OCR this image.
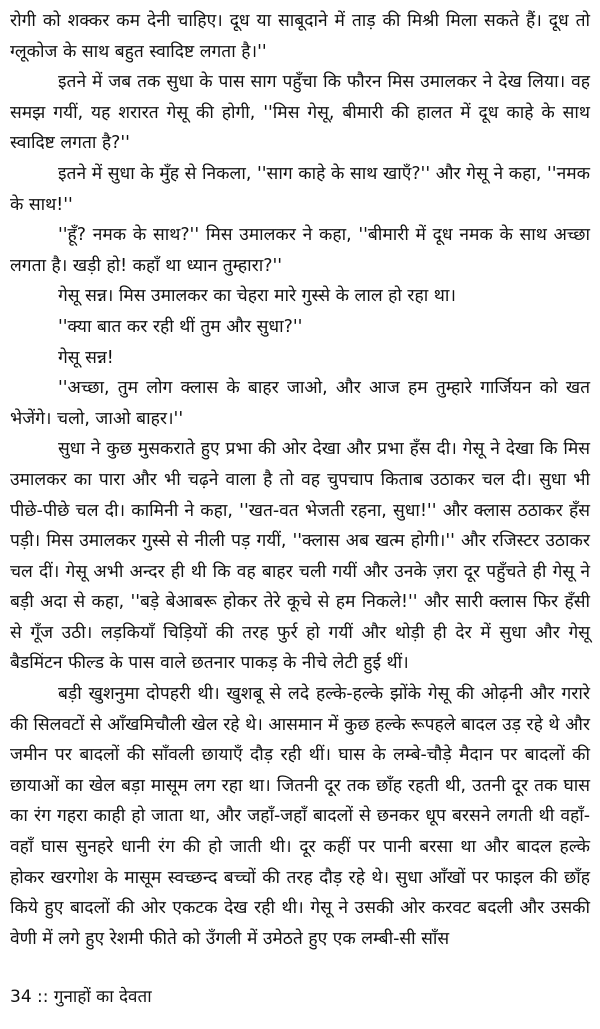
रोगी को शक्कर कम देनी चाहिए। दूध या साबूदाने में ताड़ की मिश्री मिला सकते हैं। दूध तो ग्लूकोज के साथ बहुत स्वादिष्ट लगता है।''

इतने में जब तक सुधा के पास साग पहुँचा कि फौरन मिस उमालकर ने देख लिया। वह समझ गयीं, यह शरारत गेसू की होगी, ''मिस गेसू, बीमारी की हालत में दूध काहे के साथ स्वादिष्ट लगता है?''

इतने में सुधा के मुँह से निकला, ''साग काहे के साथ खाएँ?'' और गेसू ने कहा, ''नमक के साथ!''

''हूँ? नमक के साथ?'' मिस उमालकर ने कहा, ''बीमारी में दूध नमक के साथ अच्छा लगता है। खड़ी हो! कहाँ था ध्यान तुम्हारा?''

गेसू सन्न। मिस उमालकर का चेहरा मारे गुस्से के लाल हो रहा था।

''क्या बात कर रही थीं तुम और सुधा?''

गेसू सन्न!

''अच्छा, तुम लोग क्लास के बाहर जाओ, और आज हम तुम्हारे गार्जियन को खत भेजेंगे। चलो, जाओ बाहर।''

सुधा ने कुछ मुसकराते हुए प्रभा की ओर देखा और प्रभा हँस दी। गेसू ने देखा कि मिस उमालकर का पारा और भी चढ़ने वाला है तो वह चुपचाप किताब उठाकर चल दी। सुधा भी पीछे-पीछे चल दी। कामिनी ने कहा, ''खत-वत भेजती रहना, सुधा!'' और क्लास ठठाकर हँस पड़ी। मिस उमालकर गुस्से से नीली पड़ गयीं, ''क्लास अब खत्म होगी।'' और रजिस्टर उठाकर चल दीं। गेसू अभी अन्दर ही थी कि वह बाहर चली गयीं और उनके ज़रा दूर पहुँचते ही गेसू ने बड़ी अदा से कहा, ''बड़े बेआबरू होकर तेरे कूचे से हम निकले!'' और सारी क्लास फिर हँसी से गूँज उठी। लड़कियाँ चिड़ियों की तरह फुर्र हो गयीं और थोड़ी ही देर में सुधा और गेसू बैडमिंटन फील्ड के पास वाले छतनार पाकड़ के नीचे लेटी हुई थीं।

बड़ी खुशनुमा दोपहरी थी। खुशबू से लदे हल्के-हल्के झोंके गेसू की ओढ़नी और गरारे की सिलवटों से आँखमिचौली खेल रहे थे। आसमान में कुछ हल्के रूपहले बादल उड़ रहे थे और जमीन पर बादलों की साँवली छायाएँ दौड़ रही थीं। घास के लम्बे-चौड़े मैदान पर बादलों की छायाओं का खेल बड़ा मासूम लग रहा था। जितनी दूर तक छाँह रहती थी, उतनी दूर तक घास का रंग गहरा काही हो जाता था, और जहाँ-जहाँ बादलों से छनकर धूप बरसने लगती थी वहाँ-वहाँ घास सुनहरे धानी रंग की हो जाती थी। दूर कहीं पर पानी बरसा था और बादल हल्के होकर खरगोश के मासूम स्वच्छन्द बच्चों की तरह दौड़ रहे थे। सुधा आँखों पर फाइल की छाँह किये हुए बादलों की ओर एकटक देख रही थी। गेसू ने उसकी ओर करवट बदली और उसकी वेणी में लगे हुए रेशमी फीते को उँगली में उमेठते हुए एक लम्बी-सी साँस

34 :: गुनाहों का देवता
